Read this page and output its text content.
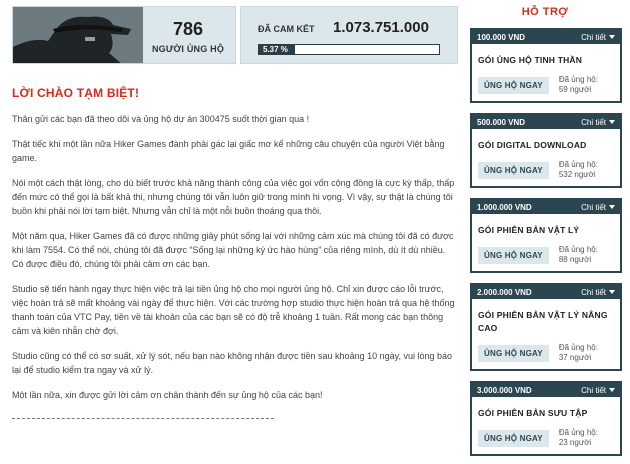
786
NGƯỜI ỦNG HỘ
ĐÃ CAM KẾT 1.073.751.000
5.37 %
LỜI CHÀO TẠM BIỆT!

Thân gửi các bạn đã theo dõi và ủng hộ dự án 300475 suốt thời gian qua !

Thật tiếc khi một lần nữa Hiker Games đành phải gác lại giấc mơ kể những câu chuyện của người Việt bằng game.

Nói một cách thật lòng, cho dù biết trước khả năng thành công của việc gọi vốn cộng đồng là cực kỳ thấp, thấp đến mức có thể gọi là bất khả thi, nhưng chúng tôi vẫn luôn giữ trong mình hi vọng. Vì vậy, sự thật là chúng tôi buồn khi phải nói lời tạm biệt. Nhưng vẫn chỉ là một nỗi buồn thoáng qua thôi.

Một năm qua, Hiker Games đã có được những giây phút sống lại với những cảm xúc mà chúng tôi đã có được khi làm 7554. Có thể nói, chúng tôi đã được “Sống lại những ký ức hào hùng” của riêng mình, dù ít dù nhiều. Có được điều đó, chúng tôi phải cảm ơn các bạn.

Studio sẽ tiến hành ngay thực hiện việc trả lại tiền ủng hộ cho mọi người ủng hộ. Chỉ xin được cáo lỗi trước, việc hoàn trả sẽ mất khoảng vài ngày để thực hiện. Với các trường hợp studio thực hiện hoàn trả qua hệ thống thanh toán của VTC Pay, tiền về tài khoản của các bạn sẽ có độ trễ khoảng 1 tuần. Rất mong các bạn thông cảm và kiên nhẫn chờ đợi.

Studio cũng có thể có sơ suất, xử lý sót, nếu bạn nào không nhận được tiền sau khoảng 10 ngày, vui lòng báo lại để studio kiểm tra ngay và xử lý.

Một lần nữa, xin được gửi lời cảm ơn chân thành đến sự ủng hộ của các bạn!

HỖ TRỢ
100.000 VND	Chi tiết
GÓI ỦNG HỘ TINH THẦN
ỦNG HỘ NGAY
Đã ủng hộ:
59 người
500.000 VND	Chi tiết
GÓI DIGITAL DOWNLOAD
ỦNG HỘ NGAY
Đã ủng hộ:
532 người
1.000.000 VND	Chi tiết
GÓI PHIÊN BẢN VẬT LÝ
ỦNG HỘ NGAY
Đã ủng hộ:
88 người
2.000.000 VND	Chi tiết
GÓI PHIÊN BẢN VẬT LÝ NÂNG CAO
ỦNG HỘ NGAY
Đã ủng hộ:
37 người
3.000.000 VND	Chi tiết
GÓI PHIÊN BẢN SƯU TẬP
ỦNG HỘ NGAY
Đã ủng hộ:
23 người
